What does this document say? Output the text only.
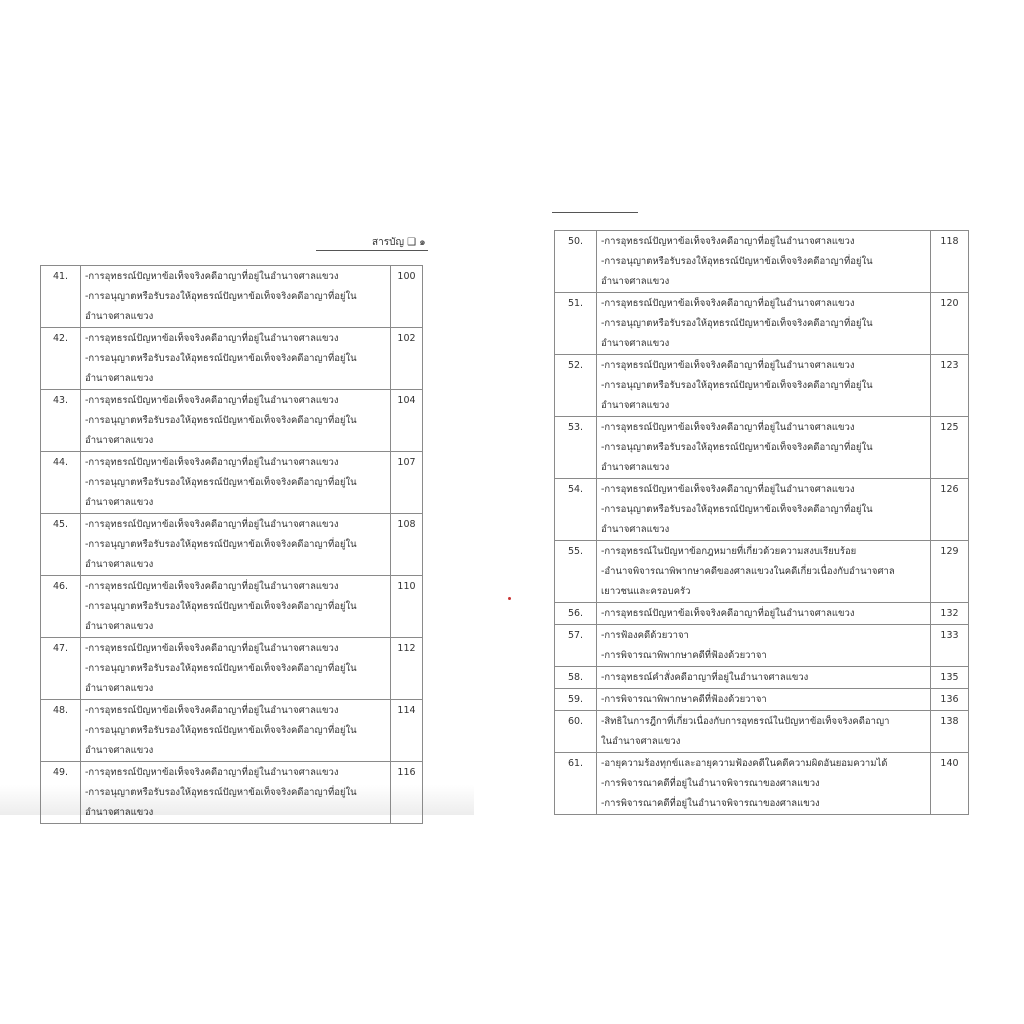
สารบัญ ❑ ๑
41.	-การอุทธรณ์ปัญหาข้อเท็จจริงคดีอาญาที่อยู่ในอำนาจศาลแขวง
-การอนุญาตหรือรับรองให้อุทธรณ์ปัญหาข้อเท็จจริงคดีอาญาที่อยู่ใน
อำนาจศาลแขวง	100
42.	-การอุทธรณ์ปัญหาข้อเท็จจริงคดีอาญาที่อยู่ในอำนาจศาลแขวง
-การอนุญาตหรือรับรองให้อุทธรณ์ปัญหาข้อเท็จจริงคดีอาญาที่อยู่ใน
อำนาจศาลแขวง	102
43.	-การอุทธรณ์ปัญหาข้อเท็จจริงคดีอาญาที่อยู่ในอำนาจศาลแขวง
-การอนุญาตหรือรับรองให้อุทธรณ์ปัญหาข้อเท็จจริงคดีอาญาที่อยู่ใน
อำนาจศาลแขวง	104
44.	-การอุทธรณ์ปัญหาข้อเท็จจริงคดีอาญาที่อยู่ในอำนาจศาลแขวง
-การอนุญาตหรือรับรองให้อุทธรณ์ปัญหาข้อเท็จจริงคดีอาญาที่อยู่ใน
อำนาจศาลแขวง	107
45.	-การอุทธรณ์ปัญหาข้อเท็จจริงคดีอาญาที่อยู่ในอำนาจศาลแขวง
-การอนุญาตหรือรับรองให้อุทธรณ์ปัญหาข้อเท็จจริงคดีอาญาที่อยู่ใน
อำนาจศาลแขวง	108
46.	-การอุทธรณ์ปัญหาข้อเท็จจริงคดีอาญาที่อยู่ในอำนาจศาลแขวง
-การอนุญาตหรือรับรองให้อุทธรณ์ปัญหาข้อเท็จจริงคดีอาญาที่อยู่ใน
อำนาจศาลแขวง	110
47.	-การอุทธรณ์ปัญหาข้อเท็จจริงคดีอาญาที่อยู่ในอำนาจศาลแขวง
-การอนุญาตหรือรับรองให้อุทธรณ์ปัญหาข้อเท็จจริงคดีอาญาที่อยู่ใน
อำนาจศาลแขวง	112
48.	-การอุทธรณ์ปัญหาข้อเท็จจริงคดีอาญาที่อยู่ในอำนาจศาลแขวง
-การอนุญาตหรือรับรองให้อุทธรณ์ปัญหาข้อเท็จจริงคดีอาญาที่อยู่ใน
อำนาจศาลแขวง	114
49.	-การอุทธรณ์ปัญหาข้อเท็จจริงคดีอาญาที่อยู่ในอำนาจศาลแขวง
-การอนุญาตหรือรับรองให้อุทธรณ์ปัญหาข้อเท็จจริงคดีอาญาที่อยู่ใน
อำนาจศาลแขวง	116
50.	-การอุทธรณ์ปัญหาข้อเท็จจริงคดีอาญาที่อยู่ในอำนาจศาลแขวง
-การอนุญาตหรือรับรองให้อุทธรณ์ปัญหาข้อเท็จจริงคดีอาญาที่อยู่ใน
อำนาจศาลแขวง	118
51.	-การอุทธรณ์ปัญหาข้อเท็จจริงคดีอาญาที่อยู่ในอำนาจศาลแขวง
-การอนุญาตหรือรับรองให้อุทธรณ์ปัญหาข้อเท็จจริงคดีอาญาที่อยู่ใน
อำนาจศาลแขวง	120
52.	-การอุทธรณ์ปัญหาข้อเท็จจริงคดีอาญาที่อยู่ในอำนาจศาลแขวง
-การอนุญาตหรือรับรองให้อุทธรณ์ปัญหาข้อเท็จจริงคดีอาญาที่อยู่ใน
อำนาจศาลแขวง	123
53.	-การอุทธรณ์ปัญหาข้อเท็จจริงคดีอาญาที่อยู่ในอำนาจศาลแขวง
-การอนุญาตหรือรับรองให้อุทธรณ์ปัญหาข้อเท็จจริงคดีอาญาที่อยู่ใน
อำนาจศาลแขวง	125
54.	-การอุทธรณ์ปัญหาข้อเท็จจริงคดีอาญาที่อยู่ในอำนาจศาลแขวง
-การอนุญาตหรือรับรองให้อุทธรณ์ปัญหาข้อเท็จจริงคดีอาญาที่อยู่ใน
อำนาจศาลแขวง	126
55.	-การอุทธรณ์ในปัญหาข้อกฎหมายที่เกี่ยวด้วยความสงบเรียบร้อย
-อำนาจพิจารณาพิพากษาคดีของศาลแขวงในคดีเกี่ยวเนื่องกับอำนาจศาล
เยาวชนและครอบครัว	129
56.	-การอุทธรณ์ปัญหาข้อเท็จจริงคดีอาญาที่อยู่ในอำนาจศาลแขวง	132
57.	-การฟ้องคดีด้วยวาจา
-การพิจารณาพิพากษาคดีที่ฟ้องด้วยวาจา	133
58.	-การอุทธรณ์คำสั่งคดีอาญาที่อยู่ในอำนาจศาลแขวง	135
59.	-การพิจารณาพิพากษาคดีที่ฟ้องด้วยวาจา	136
60.	-สิทธิในการฎีกาที่เกี่ยวเนื่องกับการอุทธรณ์ในปัญหาข้อเท็จจริงคดีอาญา
ในอำนาจศาลแขวง	138
61.	-อายุความร้องทุกข์และอายุความฟ้องคดีในคดีความผิดอันยอมความได้
-การพิจารณาคดีที่อยู่ในอำนาจพิจารณาของศาลแขวง
-การพิจารณาคดีที่อยู่ในอำนาจพิจารณาของศาลแขวง	140
